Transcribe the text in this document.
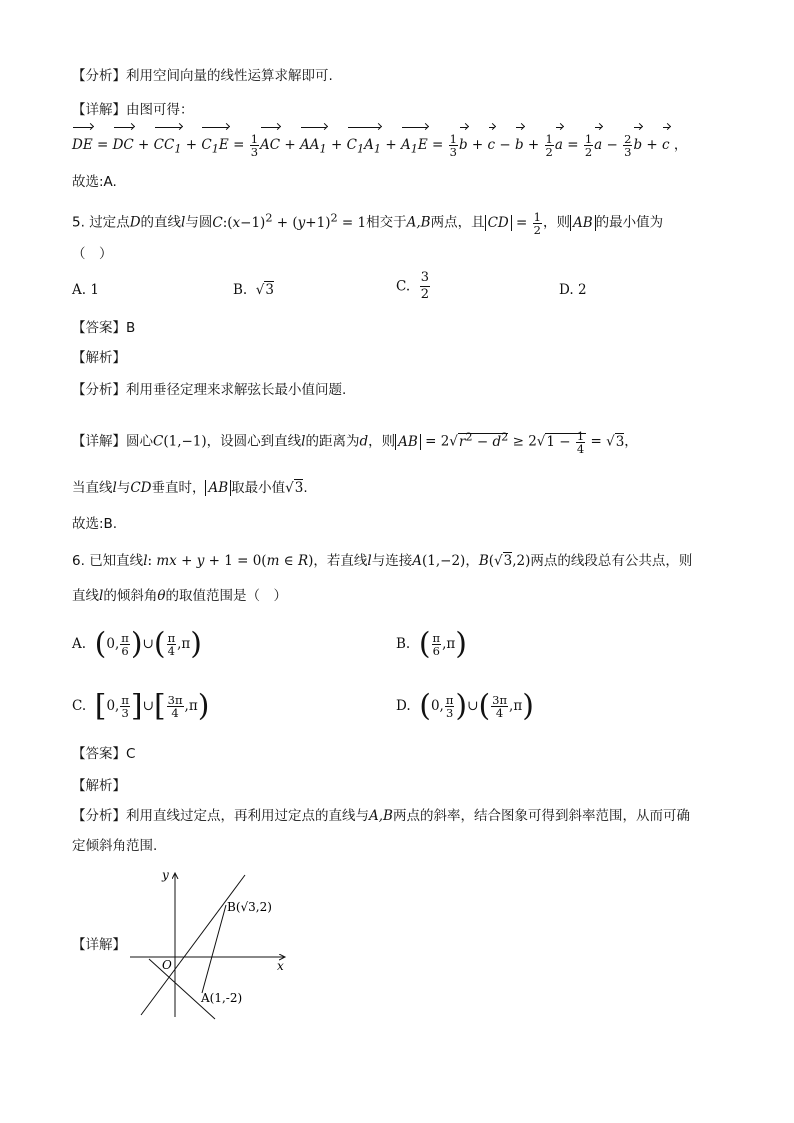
【分析】利用空间向量的线性运算求解即可.
【详解】由图可得：
DE = DC + $CC_1 + C_1E = \frac{1}{3}$ AC + $AA_1 + C_1A_1 + A_1E = \frac{1}{3}$ $b + c - b + \frac{1}{2}$ $a = \frac{1}{2}$ $a - \frac{2}{3}$ b + c ，
故选:A.
5. 过定点D的直线l与圆$C:(x-1)^2 + (y+1)^2 = 1$相交于A,B两点，且 CD = $\frac{1}{2}$ ，则 AB 的最小值为
（　）
A. 1	B.  √3	C. $\frac{3}{2}$	D. 2
【答案】B
【解析】
【分析】利用垂径定理来求解弦长最小值问题.
【详解】圆心C(1,−1)，设圆心到直线l的距离为d，则 AB = $2√r^2 - d^2 \ge 2√1 - \frac{1}{4} = √3$，
当直线l与CD垂直时， AB 取最小值√3.
故选:B.
6. 已知直线l: mx + y + 1 = 0(m ∈ R)，若直线l与连接A(1,−2)，B(√3,2)两点的线段总有公共点，则
直线l的倾斜角θ的取值范围是（　）
A. (0, $\frac{\pi}{6}$ )∪( $\frac{\pi}{4} ,\pi$)	B. ( $\frac{\pi}{6} ,\pi$)
C. [0, $\frac{\pi}{3}$ ]∪[ $\frac{3\pi}{4} ,\pi$)	D. (0, $\frac{\pi}{3}$ )∪( $\frac{3\pi}{4} ,\pi$)
【答案】C
【解析】
【分析】利用直线过定点，再利用过定点的直线与A,B两点的斜率，结合图象可得到斜率范围，从而可确
定倾斜角范围.
【详解】
y
x
O
B(√3,2)
A(1,-2)
